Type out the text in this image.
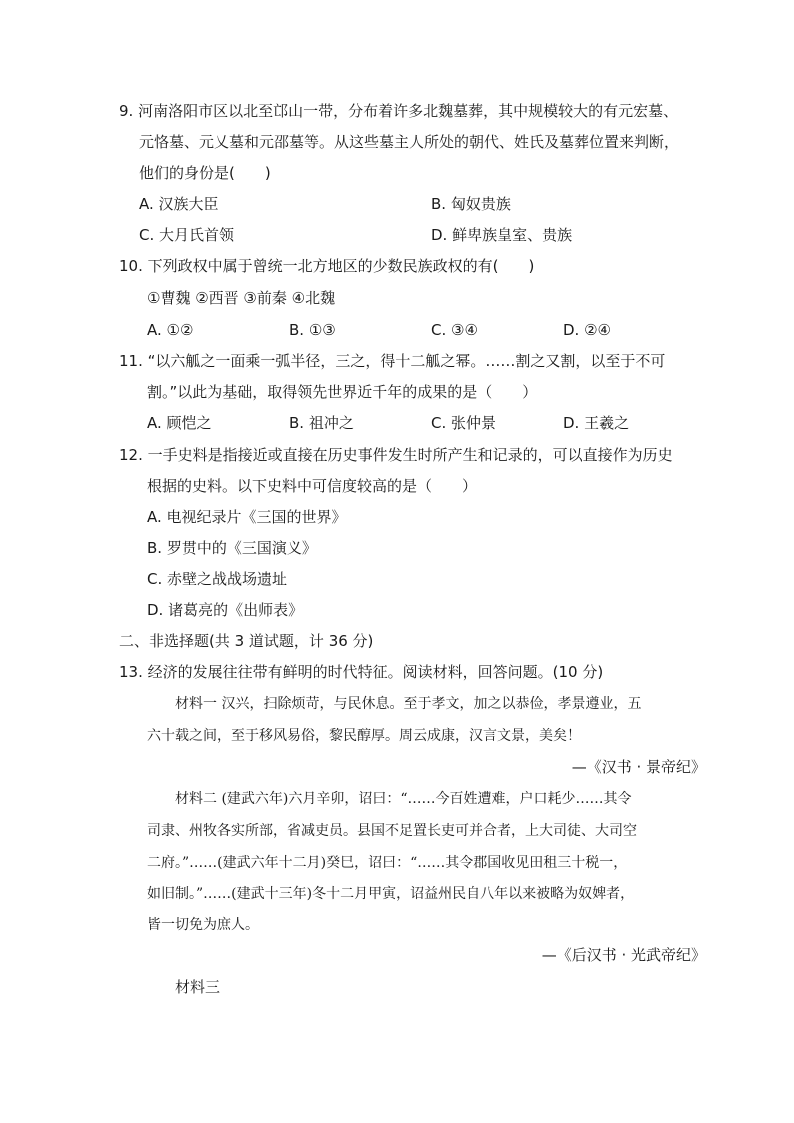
9. 河南洛阳市区以北至邙山一带，分布着许多北魏墓葬，其中规模较大的有元宏墓、
元恪墓、元乂墓和元邵墓等。从这些墓主人所处的朝代、姓氏及墓葬位置来判断，
他们的身份是(　　)
A. 汉族大臣	B. 匈奴贵族
C. 大月氏首领	D. 鲜卑族皇室、贵族
10. 下列政权中属于曾统一北方地区的少数民族政权的有(　　)
①曹魏 ②西晋 ③前秦 ④北魏
A. ①②	B. ①③	C. ③④	D. ②④
11. “以六觚之一面乘一弧半径，三之，得十二觚之幂。……割之又割，以至于不可
割。”以此为基础，取得领先世界近千年的成果的是（　　）
A. 顾恺之	B. 祖冲之	C. 张仲景	D. 王羲之
12. 一手史料是指接近或直接在历史事件发生时所产生和记录的，可以直接作为历史
根据的史料。以下史料中可信度较高的是（　　）
A. 电视纪录片《三国的世界》
B. 罗贯中的《三国演义》
C. 赤壁之战战场遗址
D. 诸葛亮的《出师表》
二、非选择题(共 3 道试题，计 36 分)
13. 经济的发展往往带有鲜明的时代特征。阅读材料，回答问题。(10 分)
材料一 汉兴，扫除烦苛，与民休息。至于孝文，加之以恭俭，孝景遵业，五
六十载之间，至于移风易俗，黎民醇厚。周云成康，汉言文景，美矣！
—《汉书 · 景帝纪》
材料二 (建武六年)六月辛卯，诏曰：“……今百姓遭难，户口耗少……其令
司隶、州牧各实所部，省减吏员。县国不足置长吏可并合者，上大司徒、大司空
二府。”……(建武六年十二月)癸巳，诏曰：“……其令郡国收见田租三十税一，
如旧制。”……(建武十三年)冬十二月甲寅，诏益州民自八年以来被略为奴婢者，
皆一切免为庶人。
—《后汉书 · 光武帝纪》
材料三
